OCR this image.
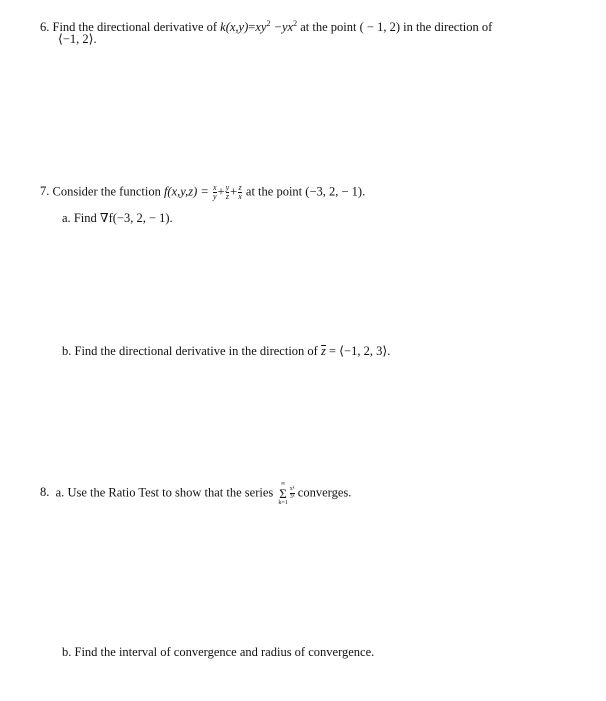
6. Find the directional derivative of $k(x,y)=xy^2 -yx^2$ at the point ( − 1, 2) in the direction of
⟨−1, 2⟩.
7. Consider the function $f(x,y,z) = \frac{x}{y} + \frac{y}{z} + \frac{z}{x}$ at the point (−3, 2, − 1).
a. Find ∇f(−3, 2, − 1).
b. Find the directional derivative in the direction of z = ⟨−1, 2, 3⟩.
8. a. Use the Ratio Test to show that the series ∞
Σ
$k=1\frac{\text{xᵏ}}{\text{3ᵏ}}$ converges.
b. Find the interval of convergence and radius of convergence.
